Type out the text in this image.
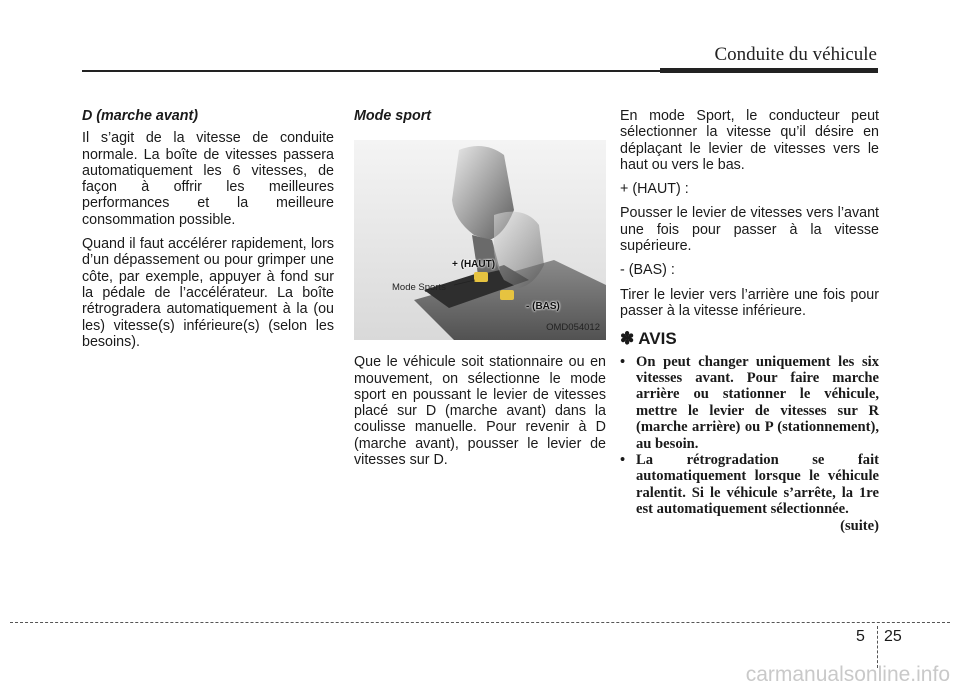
Conduite du véhicule
D (marche avant)

Il s’agit de la vitesse de conduite normale. La boîte de vitesses passera automatiquement les 6 vitesses, de façon à offrir les meilleures performances et la meilleure consommation possible.

Quand il faut accélérer rapidement, lors d’un dépassement ou pour grimper une côte, par exemple, appuyer à fond sur la pédale de l’accélérateur. La boîte rétrogradera automatiquement à la (ou les) vitesse(s) inférieure(s) (selon les besoins).

Mode sport
+ (HAUT)
- (BAS)
Mode Sports
OMD054012

Que le véhicule soit stationnaire ou en mouvement, on sélectionne le mode sport en poussant le levier de vitesses placé sur D (marche avant) dans la coulisse manuelle. Pour revenir à D (marche avant), pousser le levier de vitesses sur D.

En mode Sport, le conducteur peut sélectionner la vitesse qu’il désire en déplaçant le levier de vitesses vers le haut ou vers le bas.

+ (HAUT) :

Pousser le levier de vitesses vers l’avant une fois pour passer à la vitesse supérieure.

- (BAS) :

Tirer le levier vers l’arrière une fois pour passer à la vitesse inférieure.

✽ AVIS
• On peut changer uniquement les six vitesses avant. Pour faire marche arrière ou stationner le véhicule, mettre le levier de vitesses sur R (marche arrière) ou P (stationnement), au besoin.
• La rétrogradation se fait automatiquement lorsque le véhicule ralentit. Si le véhicule s’arrête, la 1re est automatiquement sélectionnée.
(suite)
5 25
carmanualsonline.info
